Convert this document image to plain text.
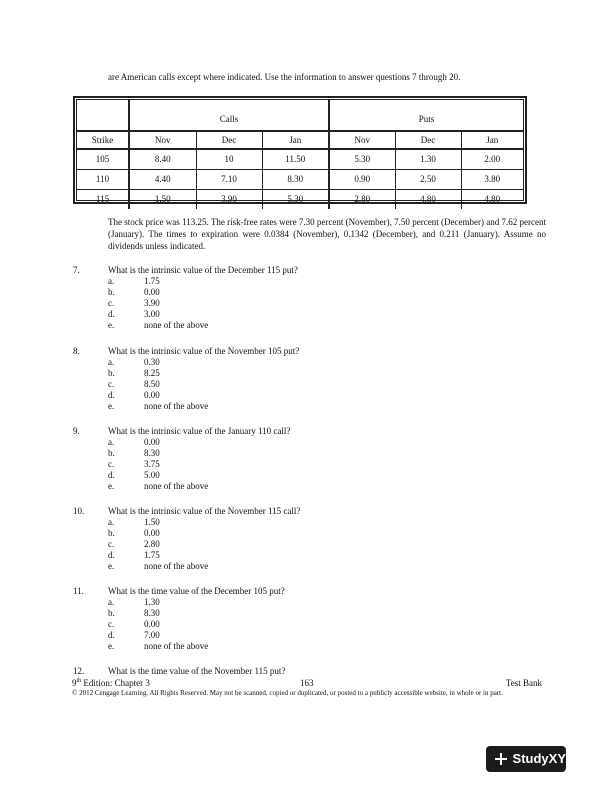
are American calls except where indicated. Use the information to answer questions 7 through 20.
	Calls			Puts		
Strike	Nov	Dec	Jan	Nov	Dec	Jan
105	8.40	10	11.50	5.30	1.30	2.00
110	4.40	7.10	8.30	0.90	2.50	3.80
115	1.50	3.90	5.30	2.80	4.80	4.80
The stock price was 113.25. The risk-free rates were 7.30 percent (November), 7.50 percent (December) and 7.62 percent (January). The times to expiration were 0.0384 (November), 0.1342 (December), and 0.211 (January). Assume no dividends unless indicated.
7.	What is the intrinsic value of the December 115 put?
a.	1.75
b.	0.00
c.	3.90
d.	3.00
e.	none of the above
8.	What is the intrinsic value of the November 105 put?
a.	0.30
b.	8.25
c.	8.50
d.	0.00
e.	none of the above
9.	What is the intrinsic value of the January 110 call?
a.	0.00
b.	8.30
c.	3.75
d.	5.00
e.	none of the above
10.	What is the intrinsic value of the November 115 call?
a.	1.50
b.	0.00
c.	2.80
d.	1.75
e.	none of the above
11.	What is the time value of the December 105 put?
a.	1.30
b.	8.30
c.	0.00
d.	7.00
e.	none of the above
12.	What is the time value of the November 115 put?
9th Edition: Chapter 3	163	Test Bank
© 2012 Cengage Learning. All Rights Reserved. May not be scanned, copied or duplicated, or posted to a publicly accessible website, in whole or in part.
StudyXY
